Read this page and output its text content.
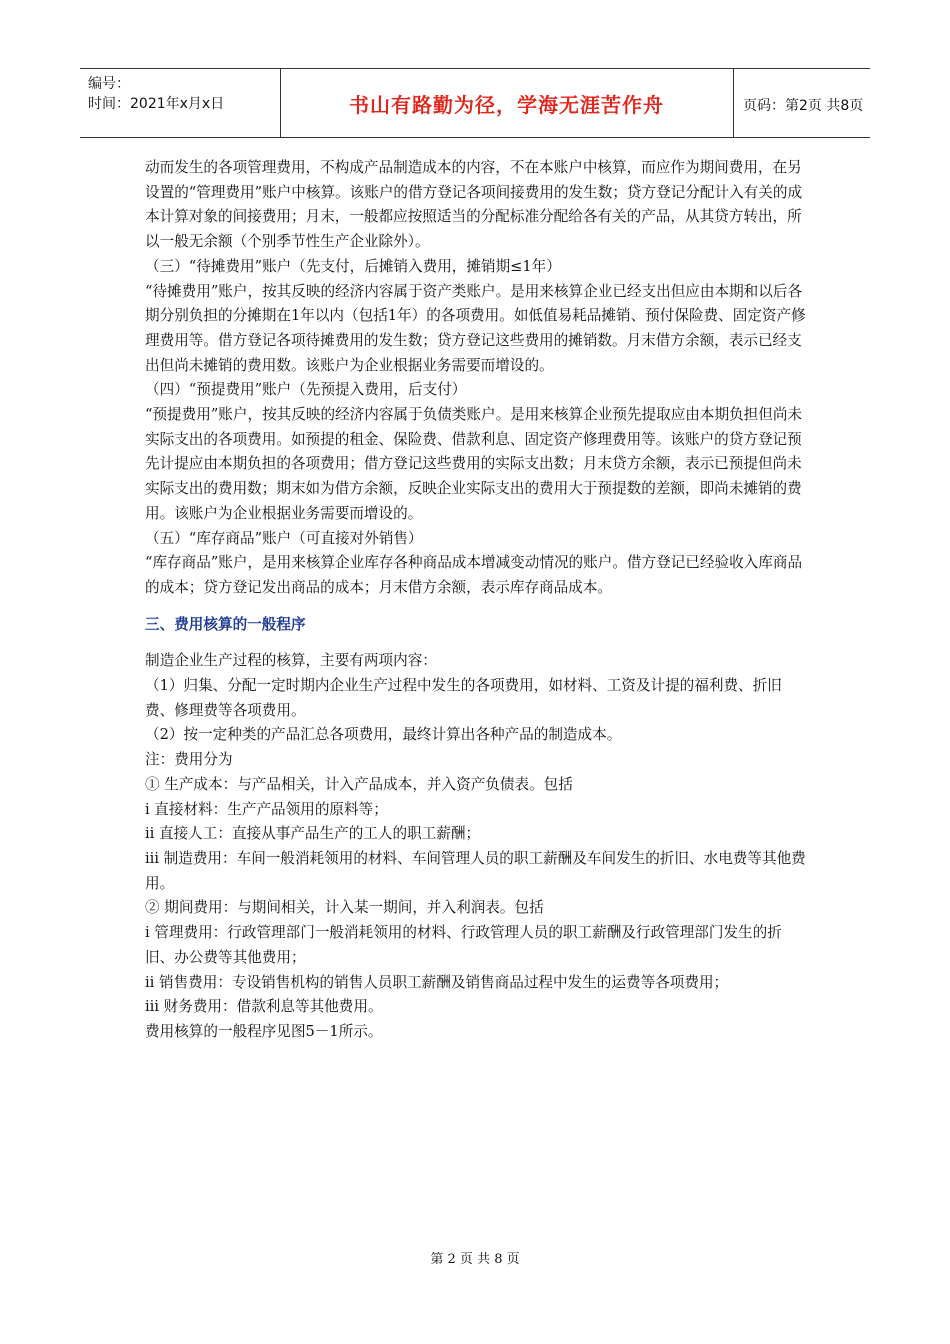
编号：
时间：2021年x月x日	书山有路勤为径，学海无涯苦作舟	页码：第2页 共8页

动而发生的各项管理费用，不构成产品制造成本的内容，不在本账户中核算，而应作为期间费用，在另设置的“管理费用”账户中核算。该账户的借方登记各项间接费用的发生数；贷方登记分配计入有关的成本计算对象的间接费用；月末，一般都应按照适当的分配标准分配给各有关的产品，从其贷方转出，所以一般无余额（个别季节性生产企业除外）。

（三）“待摊费用”账户（先支付，后摊销入费用，摊销期≤1年）

“待摊费用”账户，按其反映的经济内容属于资产类账户。是用来核算企业已经支出但应由本期和以后各期分别负担的分摊期在1年以内（包括1年）的各项费用。如低值易耗品摊销、预付保险费、固定资产修理费用等。借方登记各项待摊费用的发生数；贷方登记这些费用的摊销数。月末借方余额，表示已经支出但尚未摊销的费用数。该账户为企业根据业务需要而增设的。

（四）“预提费用”账户（先预提入费用，后支付）

“预提费用”账户，按其反映的经济内容属于负债类账户。是用来核算企业预先提取应由本期负担但尚未实际支出的各项费用。如预提的租金、保险费、借款利息、固定资产修理费用等。该账户的贷方登记预先计提应由本期负担的各项费用；借方登记这些费用的实际支出数；月末贷方余额，表示已预提但尚未实际支出的费用数；期末如为借方余额，反映企业实际支出的费用大于预提数的差额，即尚未摊销的费用。该账户为企业根据业务需要而增设的。

（五）“库存商品”账户（可直接对外销售）

“库存商品”账户，是用来核算企业库存各种商品成本增减变动情况的账户。借方登记已经验收入库商品的成本；贷方登记发出商品的成本；月末借方余额，表示库存商品成本。

三、费用核算的一般程序

制造企业生产过程的核算，主要有两项内容：

（1）归集、分配一定时期内企业生产过程中发生的各项费用，如材料、工资及计提的福利费、折旧费、修理费等各项费用。

（2）按一定种类的产品汇总各项费用，最终计算出各种产品的制造成本。

注：费用分为

① 生产成本：与产品相关，计入产品成本，并入资产负债表。包括

ⅰ 直接材料：生产产品领用的原料等；

ⅱ 直接人工：直接从事产品生产的工人的职工薪酬；

ⅲ 制造费用：车间一般消耗领用的材料、车间管理人员的职工薪酬及车间发生的折旧、水电费等其他费用。

② 期间费用：与期间相关，计入某一期间，并入利润表。包括

ⅰ 管理费用：行政管理部门一般消耗领用的材料、行政管理人员的职工薪酬及行政管理部门发生的折旧、办公费等其他费用；

ⅱ 销售费用：专设销售机构的销售人员职工薪酬及销售商品过程中发生的运费等各项费用；

ⅲ 财务费用：借款利息等其他费用。

费用核算的一般程序见图5－1所示。

第 2 页 共 8 页
